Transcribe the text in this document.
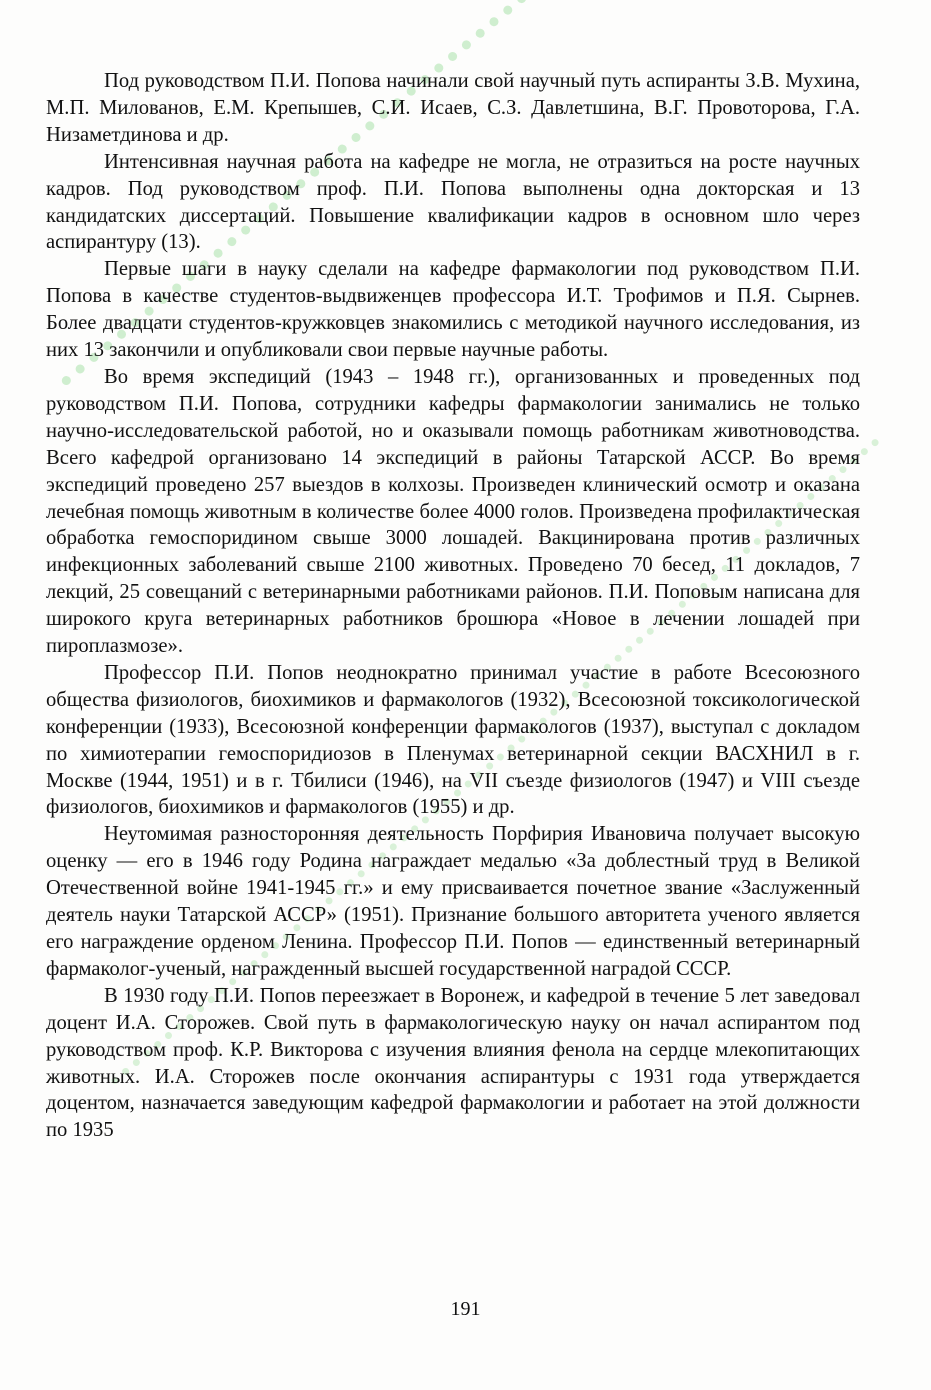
Под руководством П.И. Попова начинали свой научный путь аспиранты З.В. Мухина, М.П. Милованов, Е.М. Крепышев, С.И. Исаев, С.З. Давлетшина, В.Г. Провоторова, Г.А. Низаметдинова и др.

Интенсивная научная работа на кафедре не могла, не отразиться на росте научных кадров. Под руководством проф. П.И. Попова выполнены одна докторская и 13 кандидатских диссертаций. Повышение квалификации кадров в основном шло через аспирантуру (13).

Первые шаги в науку сделали на кафедре фармакологии под руководством П.И. Попова в качестве студентов-выдвиженцев профессора И.Т. Трофимов и П.Я. Сырнев. Более двадцати студентов-кружковцев знакомились с методикой научного исследования, из них 13 закончили и опубликовали свои первые научные работы.

Во время экспедиций (1943 – 1948 гг.), организованных и проведенных под руководством П.И. Попова, сотрудники кафедры фармакологии занимались не только научно-исследовательской работой, но и оказывали помощь работникам животноводства. Всего кафедрой организовано 14 экспедиций в районы Татарской АССР. Во время экспедиций проведено 257 выездов в колхозы. Произведен клинический осмотр и оказана лечебная помощь животным в количестве более 4000 голов. Произведена профилактическая обработка гемоспоридином свыше 3000 лошадей. Вакцинирована против различных инфекционных заболеваний свыше 2100 животных. Проведено 70 бесед, 11 докладов, 7 лекций, 25 совещаний с ветеринарными работниками районов. П.И. Поповым написана для широкого круга ветеринарных работников брошюра «Новое в лечении лошадей при пироплазмозе».

Профессор П.И. Попов неоднократно принимал участие в работе Всесоюзного общества физиологов, биохимиков и фармакологов (1932), Всесоюзной токсикологической конференции (1933), Всесоюзной конференции фармакологов (1937), выступал с докладом по химиотерапии гемоспоридиозов в Пленумах ветеринарной секции ВАСХНИЛ в г. Москве (1944, 1951) и в г. Тбилиси (1946), на VII съезде физиологов (1947) и VIII съезде физиологов, биохимиков и фармакологов (1955) и др.

Неутомимая разносторонняя деятельность Порфирия Ивановича получает высокую оценку — его в 1946 году Родина награждает медалью «За доблестный труд в Великой Отечественной войне 1941-1945 гг.» и ему присваивается почетное звание «Заслуженный деятель науки Татарской АССР» (1951). Признание большого авторитета ученого является его награждение орденом Ленина. Профессор П.И. Попов — единственный ветеринарный фармаколог-ученый, награжденный высшей государственной наградой СССР.

В 1930 году П.И. Попов переезжает в Воронеж, и кафедрой в течение 5 лет заведовал доцент И.А. Сторожев. Свой путь в фармакологическую науку он начал аспирантом под руководством проф. К.Р. Викторова с изучения влияния фенола на сердце млекопитающих животных. И.А. Сторожев после окончания аспирантуры с 1931 года утверждается доцентом, назначается заведующим кафедрой фармакологии и работает на этой должности по 1935

191
